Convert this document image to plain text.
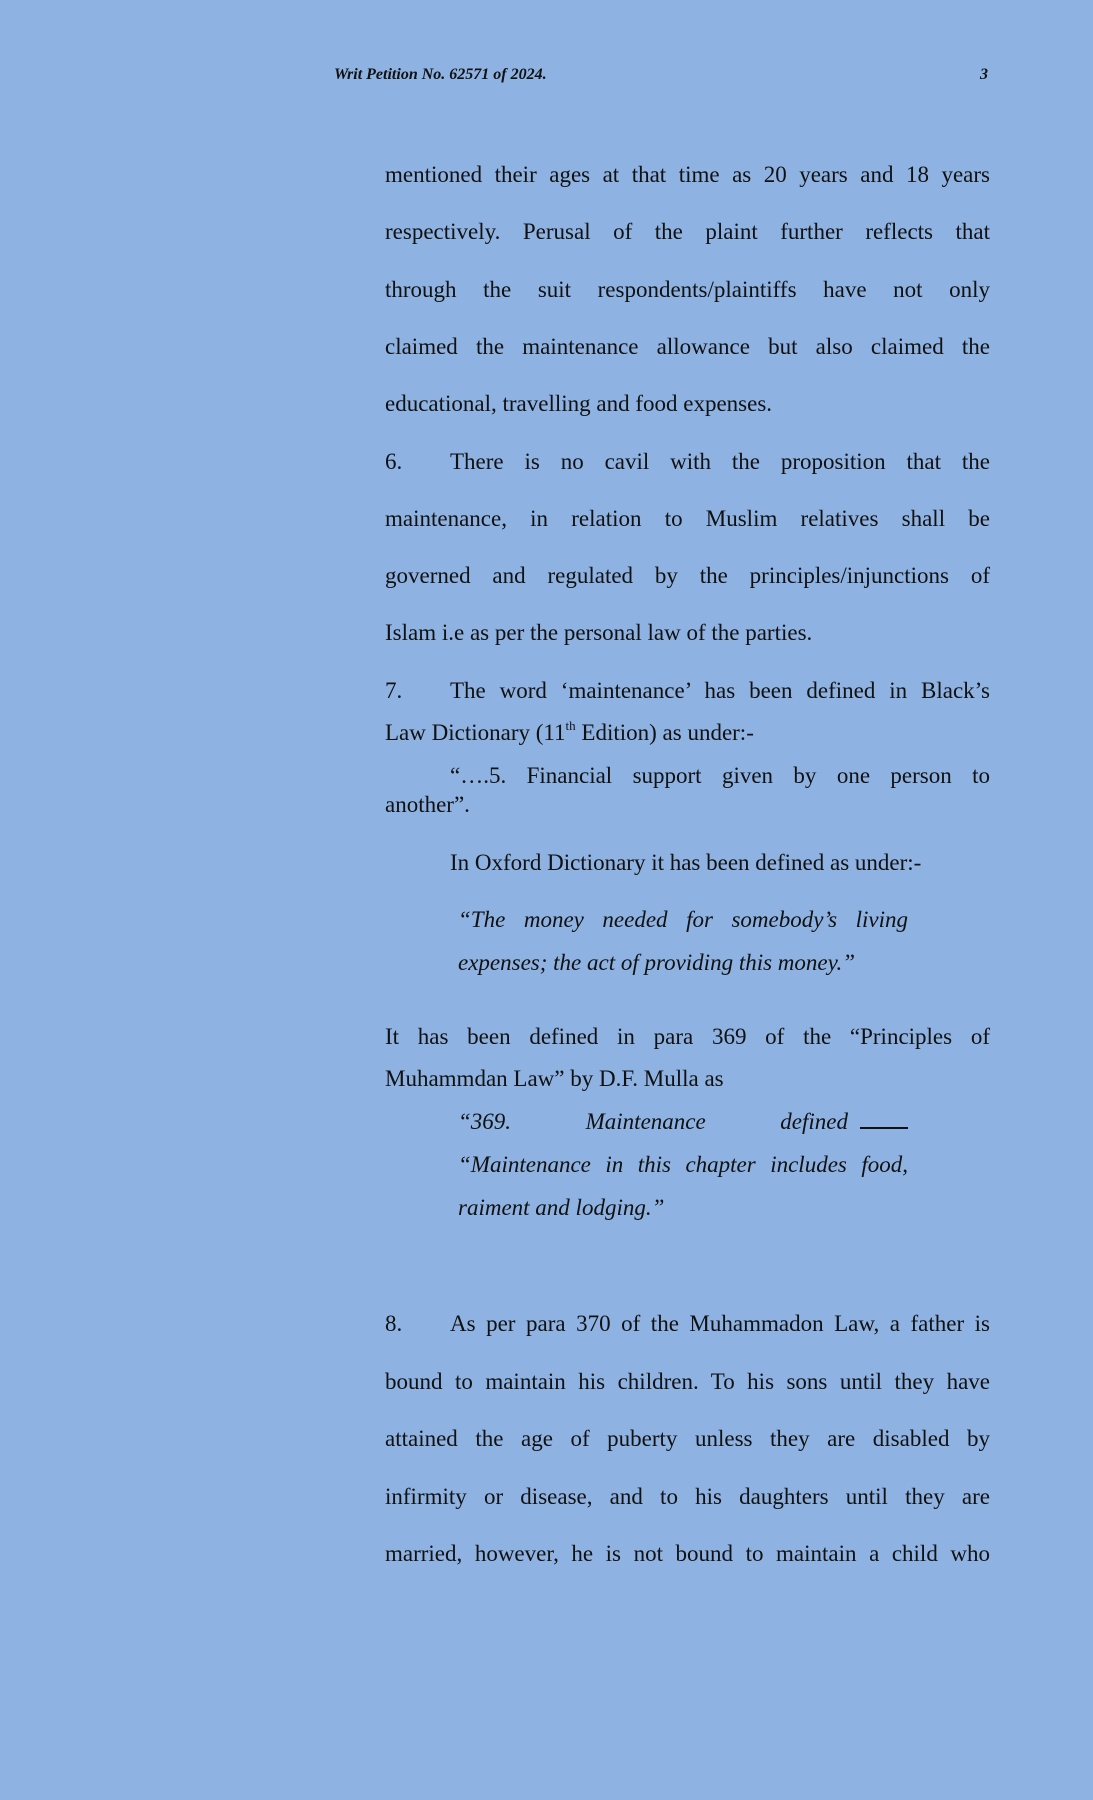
Writ Petition No. 62571 of 2024.	3
mentioned their ages at that time as 20 years and 18 years
respectively. Perusal of the plaint further reflects that
through the suit respondents/plaintiffs have not only
claimed the maintenance allowance but also claimed the
educational, travelling and food expenses.
6. There is no cavil with the proposition that the
maintenance, in relation to Muslim relatives shall be
governed and regulated by the principles/injunctions of
Islam i.e as per the personal law of the parties.
7. The word ‘maintenance’ has been defined in Black’s
Law Dictionary (11th Edition) as under:-
“….5. Financial support given by one person to
another”.
In Oxford Dictionary it has been defined as under:-
“The money needed for somebody’s living
expenses; the act of providing this money.”
It has been defined in para 369 of the “Principles of
Muhammdan Law” by D.F. Mulla as
“369. Maintenance defined
“Maintenance in this chapter includes food,
raiment and lodging.”
8. As per para 370 of the Muhammadon Law, a father is
bound to maintain his children. To his sons until they have
attained the age of puberty unless they are disabled by
infirmity or disease, and to his daughters until they are
married, however, he is not bound to maintain a child who
